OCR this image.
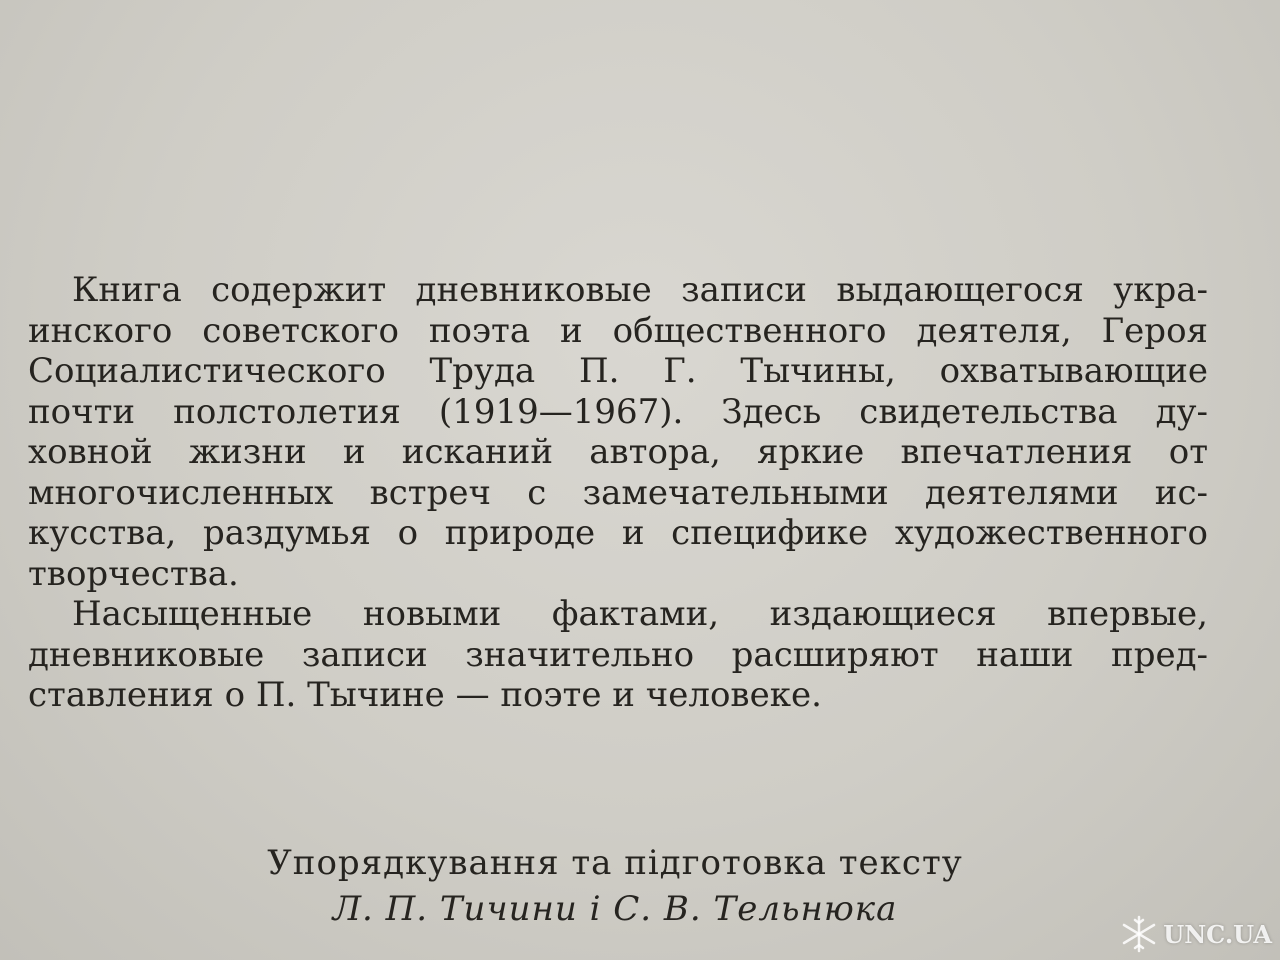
Книга содержит дневниковые записи выдающегося укра-
инского советского поэта и общественного деятеля, Героя
Социалистического Труда П. Г. Тычины, охватывающие
почти полстолетия (1919—1967). Здесь свидетельства ду-
ховной жизни и исканий автора, яркие впечатления от
многочисленных встреч с замечательными деятелями ис-
кусства, раздумья о природе и специфике художественного
творчества.
Насыщенные новыми фактами, издающиеся впервые,
дневниковые записи значительно расширяют наши пред-
ставления о П. Тычине — поэте и человеке.
Упорядкування та підготовка тексту
Л. П. Тичини і С. В. Тельнюка
UNC.UA
